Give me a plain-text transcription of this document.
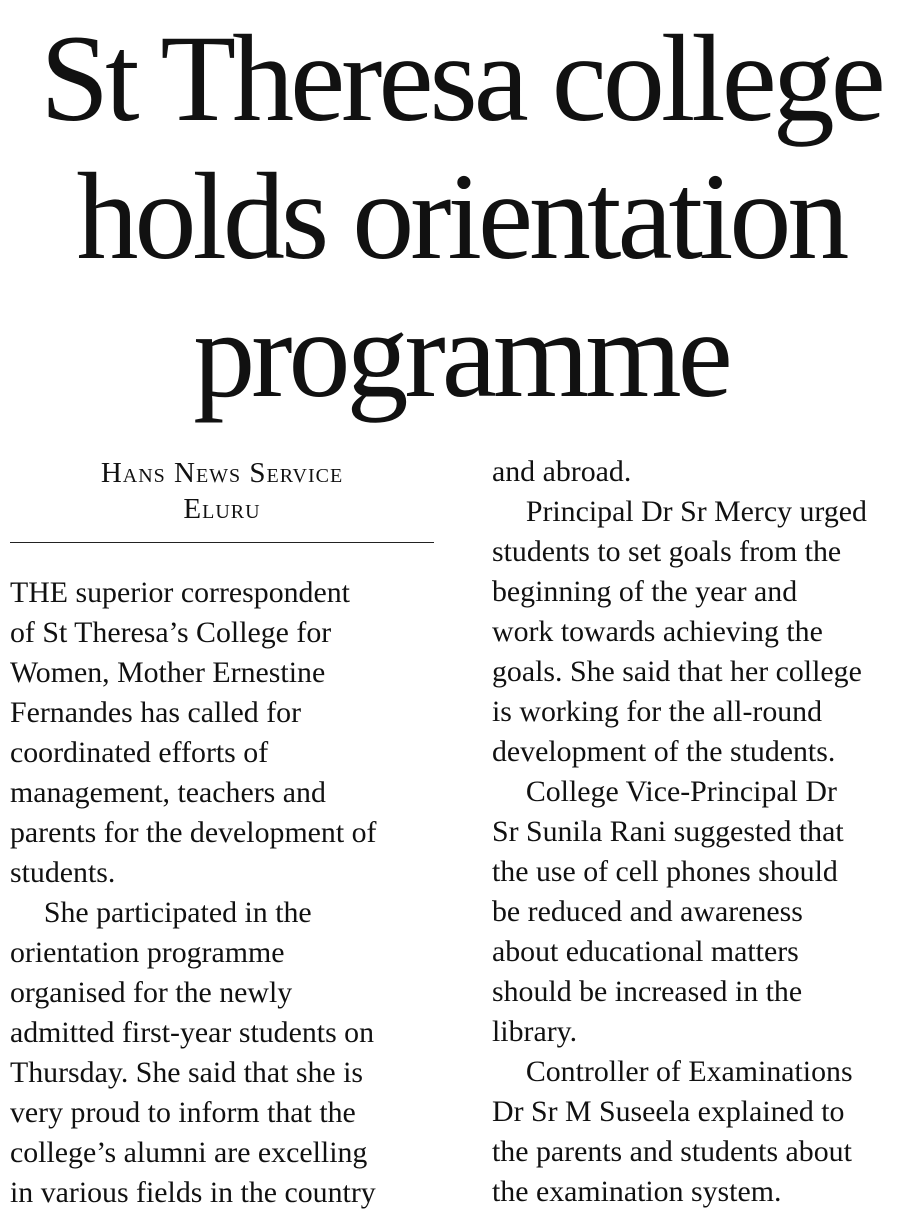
St Theresa college
holds orientation
programme
Hans News Service
Eluru
THE superior correspondent
of St Theresa’s College for
Women, Mother Ernestine
Fernandes has called for
coordinated efforts of
management, teachers and
parents for the development of
students.
She participated in the
orientation programme
organised for the newly
admitted first-year students on
Thursday. She said that she is
very proud to inform that the
college’s alumni are excelling
in various fields in the country
and abroad.
Principal Dr Sr Mercy urged
students to set goals from the
beginning of the year and
work towards achieving the
goals. She said that her college
is working for the all-round
development of the students.
College Vice-Principal Dr
Sr Sunila Rani suggested that
the use of cell phones should
be reduced and awareness
about educational matters
should be increased in the
library.
Controller of Examinations
Dr Sr M Suseela explained to
the parents and students about
the examination system.
